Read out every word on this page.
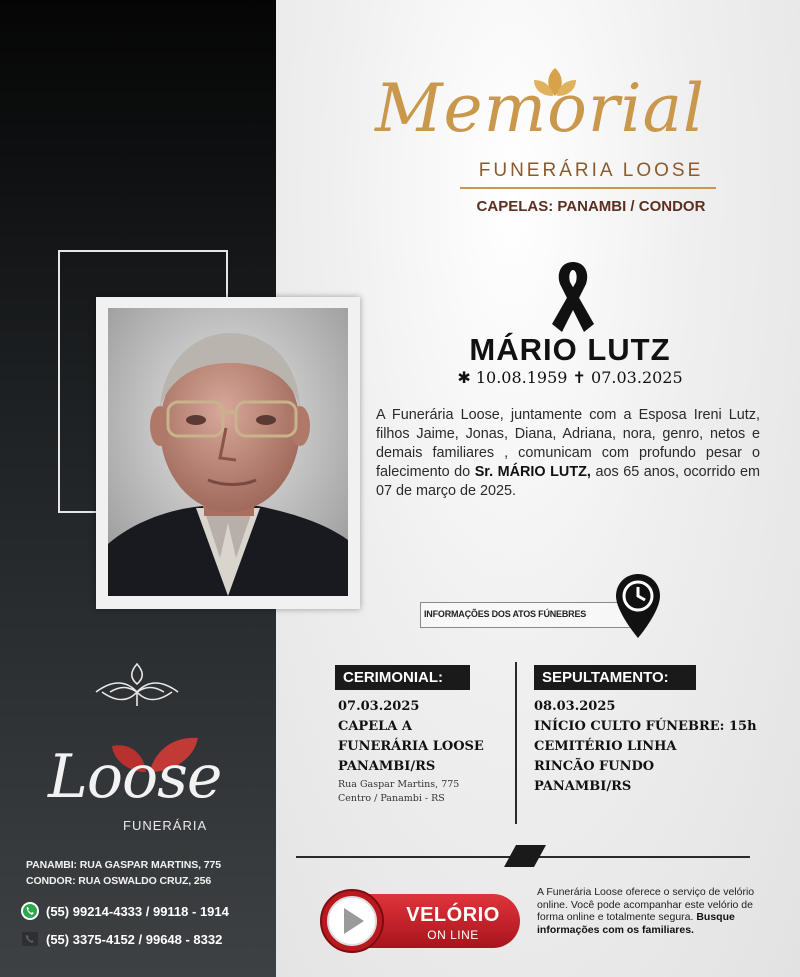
Memorial
FUNERÁRIA LOOSE
CAPELAS: PANAMBI / CONDOR
MÁRIO LUTZ
✱ 10.08.1959 ✝ 07.03.2025
A Funerária Loose, juntamente com a Esposa Ireni Lutz, filhos Jaime, Jonas, Diana, Adriana, nora, genro, netos e demais familiares , comunicam com profundo pesar o falecimento do Sr. MÁRIO LUTZ, aos 65 anos, ocorrido em 07 de março de 2025.
INFORMAÇÕES DOS ATOS FÚNEBRES
CERIMONIAL:	SEPULTAMENTO:
07.03.2025
CAPELA A
FUNERÁRIA LOOSE
PANAMBI/RS
Rua Gaspar Martins, 775
Centro / Panambi - RS
08.03.2025
INÍCIO CULTO FÚNEBRE: 15h
CEMITÉRIO LINHA
RINCÃO FUNDO
PANAMBI/RS
VELÓRIO
ON LINE
A Funerária Loose oferece o serviço de velório online. Você pode acompanhar este velório de forma online e totalmente segura. Busque informações com os familiares.
Loose
FUNERÁRIA
PANAMBI: RUA GASPAR MARTINS, 775
CONDOR: RUA OSWALDO CRUZ, 256
(55) 99214-4333 / 99118 - 1914
(55) 3375-4152 / 99648 - 8332
